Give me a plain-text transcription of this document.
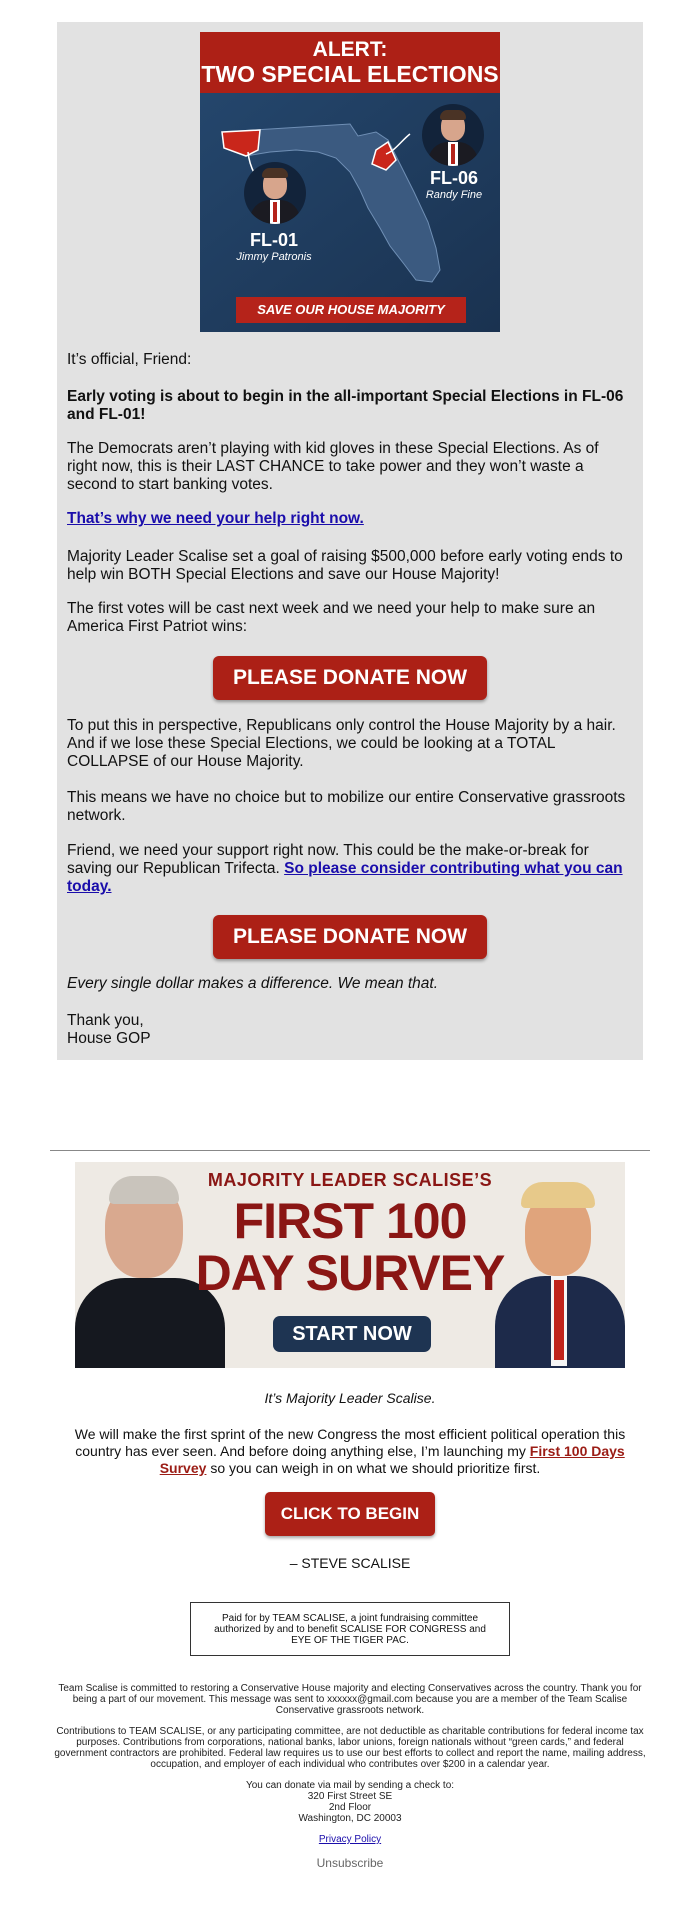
ALERT:
TWO SPECIAL ELECTIONS
FL-01
Jimmy Patronis
FL-06
Randy Fine
SAVE OUR HOUSE MAJORITY

It’s official, Friend:

Early voting is about to begin in the all-important Special Elections in FL-06 and FL-01!

The Democrats aren’t playing with kid gloves in these Special Elections. As of right now, this is their LAST CHANCE to take power and they won’t waste a second to start banking votes.

That’s why we need your help right now.

Majority Leader Scalise set a goal of raising $500,000 before early voting ends to help win BOTH Special Elections and save our House Majority!

The first votes will be cast next week and we need your help to make sure an America First Patriot wins:

PLEASE DONATE NOW

To put this in perspective, Republicans only control the House Majority by a hair. And if we lose these Special Elections, we could be looking at a TOTAL COLLAPSE of our House Majority.

This means we have no choice but to mobilize our entire Conservative grassroots network.

Friend, we need your support right now. This could be the make-or-break for saving our Republican Trifecta. So please consider contributing what you can today.

PLEASE DONATE NOW

Every single dollar makes a difference. We mean that.

Thank you,

House GOP

MAJORITY LEADER SCALISE’S
FIRST 100
DAY SURVEY
START NOW
It’s Majority Leader Scalise.
We will make the first sprint of the new Congress the most efficient political operation this country has ever seen. And before doing anything else, I’m launching my First 100 Days Survey so you can weigh in on what we should prioritize first.
CLICK TO BEGIN
– STEVE SCALISE
Paid for by TEAM SCALISE, a joint fundraising committee authorized by and to benefit SCALISE FOR CONGRESS and EYE OF THE TIGER PAC.
Team Scalise is committed to restoring a Conservative House majority and electing Conservatives across the country. Thank you for being a part of our movement. This message was sent to xxxxxx@gmail.com because you are a member of the Team Scalise Conservative grassroots network.
Contributions to TEAM SCALISE, or any participating committee, are not deductible as charitable contributions for federal income tax purposes. Contributions from corporations, national banks, labor unions, foreign nationals without “green cards,” and federal government contractors are prohibited. Federal law requires us to use our best efforts to collect and report the name, mailing address, occupation, and employer of each individual who contributes over $200 in a calendar year.
You can donate via mail by sending a check to:
320 First Street SE
2nd Floor
Washington, DC 20003
Privacy Policy
Unsubscribe
